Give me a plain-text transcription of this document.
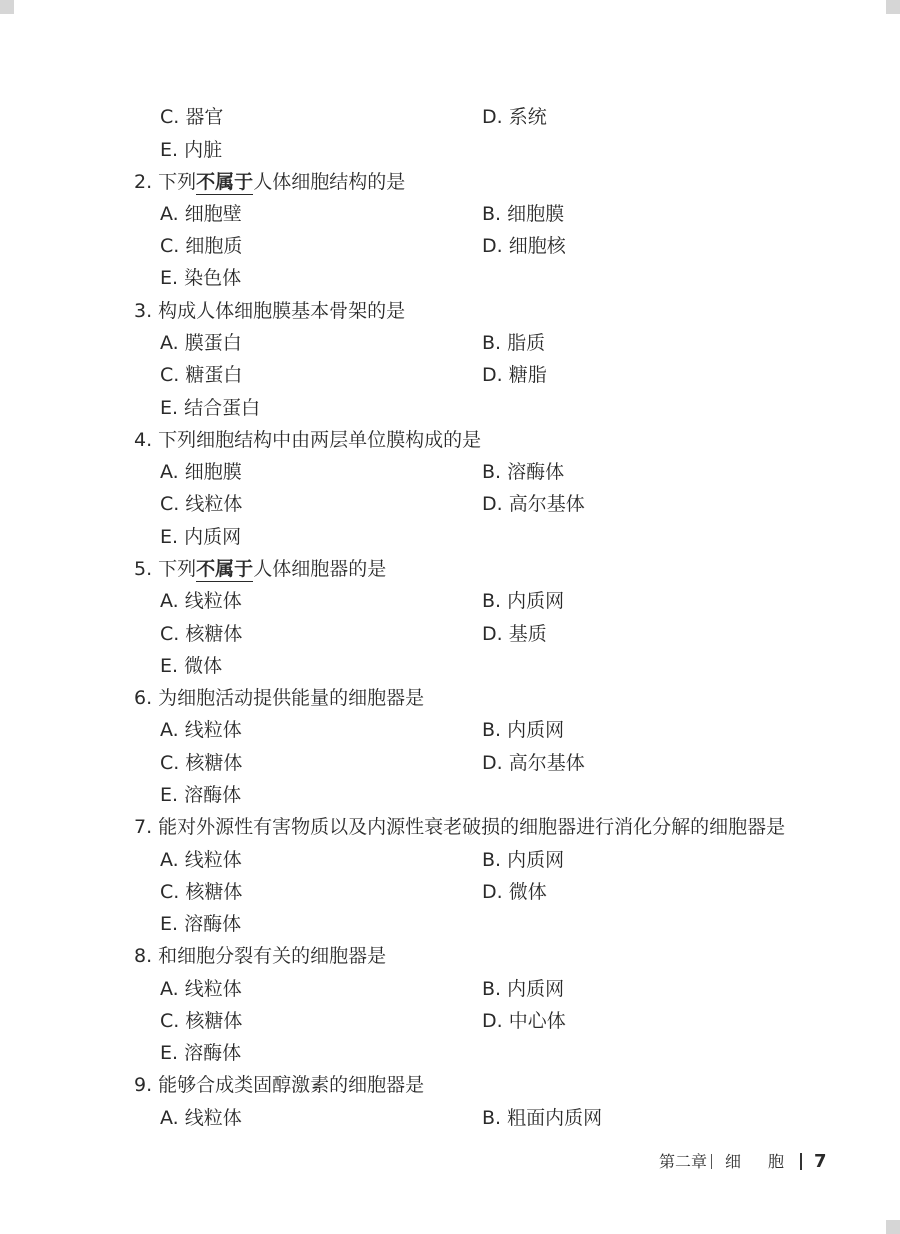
C. 器官	D. 系统
E. 内脏
2. 下列不属于人体细胞结构的是
A. 细胞壁	B. 细胞膜
C. 细胞质	D. 细胞核
E. 染色体
3. 构成人体细胞膜基本骨架的是
A. 膜蛋白	B. 脂质
C. 糖蛋白	D. 糖脂
E. 结合蛋白
4. 下列细胞结构中由两层单位膜构成的是
A. 细胞膜	B. 溶酶体
C. 线粒体	D. 高尔基体
E. 内质网
5. 下列不属于人体细胞器的是
A. 线粒体	B. 内质网
C. 核糖体	D. 基质
E. 微体
6. 为细胞活动提供能量的细胞器是
A. 线粒体	B. 内质网
C. 核糖体	D. 高尔基体
E. 溶酶体
7. 能对外源性有害物质以及内源性衰老破损的细胞器进行消化分解的细胞器是
A. 线粒体	B. 内质网
C. 核糖体	D. 微体
E. 溶酶体
8. 和细胞分裂有关的细胞器是
A. 线粒体	B. 内质网
C. 核糖体	D. 中心体
E. 溶酶体
9. 能够合成类固醇激素的细胞器是
A. 线粒体	B. 粗面内质网
第二章 细 胞 7
